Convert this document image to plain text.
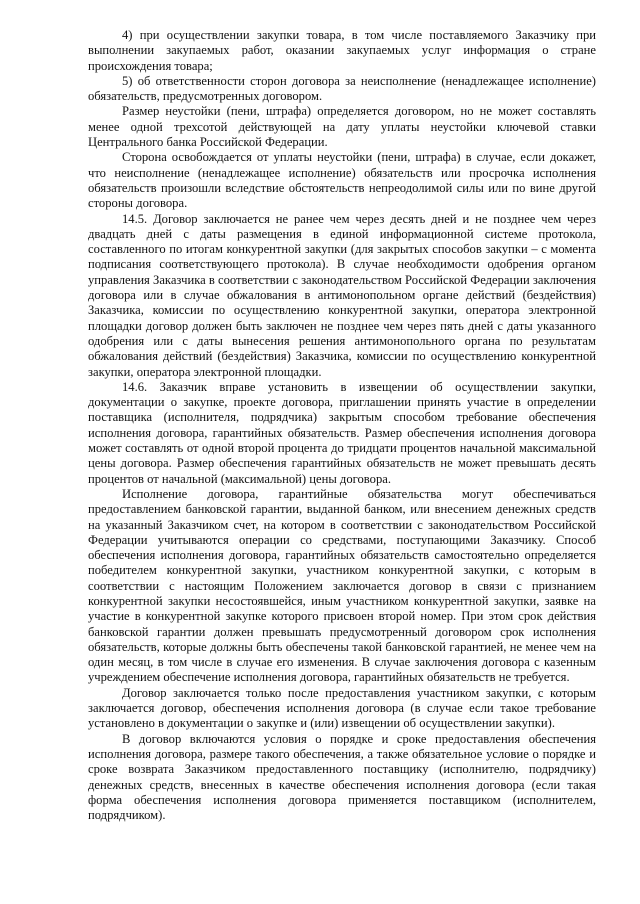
4) при осуществлении закупки товара, в том числе поставляемого Заказчику при выполнении закупаемых работ, оказании закупаемых услуг информация о стране происхождения товара;

5) об ответственности сторон договора за неисполнение (ненадлежащее исполнение) обязательств, предусмотренных договором.

Размер неустойки (пени, штрафа) определяется договором, но не может составлять менее одной трехсотой действующей на дату уплаты неустойки ключевой ставки Центрального банка Российской Федерации.

Сторона освобождается от уплаты неустойки (пени, штрафа) в случае, если докажет, что неисполнение (ненадлежащее исполнение) обязательств или просрочка исполнения обязательств произошли вследствие обстоятельств непреодолимой силы или по вине другой стороны договора.

14.5. Договор заключается не ранее чем через десять дней и не позднее чем через двадцать дней с даты размещения в единой информационной системе протокола, составленного по итогам конкурентной закупки (для закрытых способов закупки – с момента подписания соответствующего протокола). В случае необходимости одобрения органом управления Заказчика в соответствии с законодательством Российской Федерации заключения договора или в случае обжалования в антимонопольном органе действий (бездействия) Заказчика, комиссии по осуществлению конкурентной закупки, оператора электронной площадки договор должен быть заключен не позднее чем через пять дней с даты указанного одобрения или с даты вынесения решения антимонопольного органа по результатам обжалования действий (бездействия) Заказчика, комиссии по осуществлению конкурентной закупки, оператора электронной площадки.

14.6. Заказчик вправе установить в извещении об осуществлении закупки, документации о закупке, проекте договора, приглашении принять участие в определении поставщика (исполнителя, подрядчика) закрытым способом требование обеспечения исполнения договора, гарантийных обязательств. Размер обеспечения исполнения договора может составлять от одной второй процента до тридцати процентов начальной максимальной цены договора. Размер обеспечения гарантийных обязательств не может превышать десять процентов от начальной (максимальной) цены договора.

Исполнение договора, гарантийные обязательства могут обеспечиваться предоставлением банковской гарантии, выданной банком, или внесением денежных средств на указанный Заказчиком счет, на котором в соответствии с законодательством Российской Федерации учитываются операции со средствами, поступающими Заказчику. Способ обеспечения исполнения договора, гарантийных обязательств самостоятельно определяется победителем конкурентной закупки, участником конкурентной закупки, с которым в соответствии с настоящим Положением заключается договор в связи с признанием конкурентной закупки несостоявшейся, иным участником конкурентной закупки, заявке на участие в конкурентной закупке которого присвоен второй номер. При этом срок действия банковской гарантии должен превышать предусмотренный договором срок исполнения обязательств, которые должны быть обеспечены такой банковской гарантией, не менее чем на один месяц, в том числе в случае его изменения. В случае заключения договора с казенным учреждением обеспечение исполнения договора, гарантийных обязательств не требуется.

Договор заключается только после предоставления участником закупки, с которым заключается договор, обеспечения исполнения договора (в случае если такое требование установлено в документации о закупке и (или) извещении об осуществлении закупки).

В договор включаются условия о порядке и сроке предоставления обеспечения исполнения договора, размере такого обеспечения, а также обязательное условие о порядке и сроке возврата Заказчиком предоставленного поставщику (исполнителю, подрядчику) денежных средств, внесенных в качестве обеспечения исполнения договора (если такая форма обеспечения исполнения договора применяется поставщиком (исполнителем, подрядчиком).
